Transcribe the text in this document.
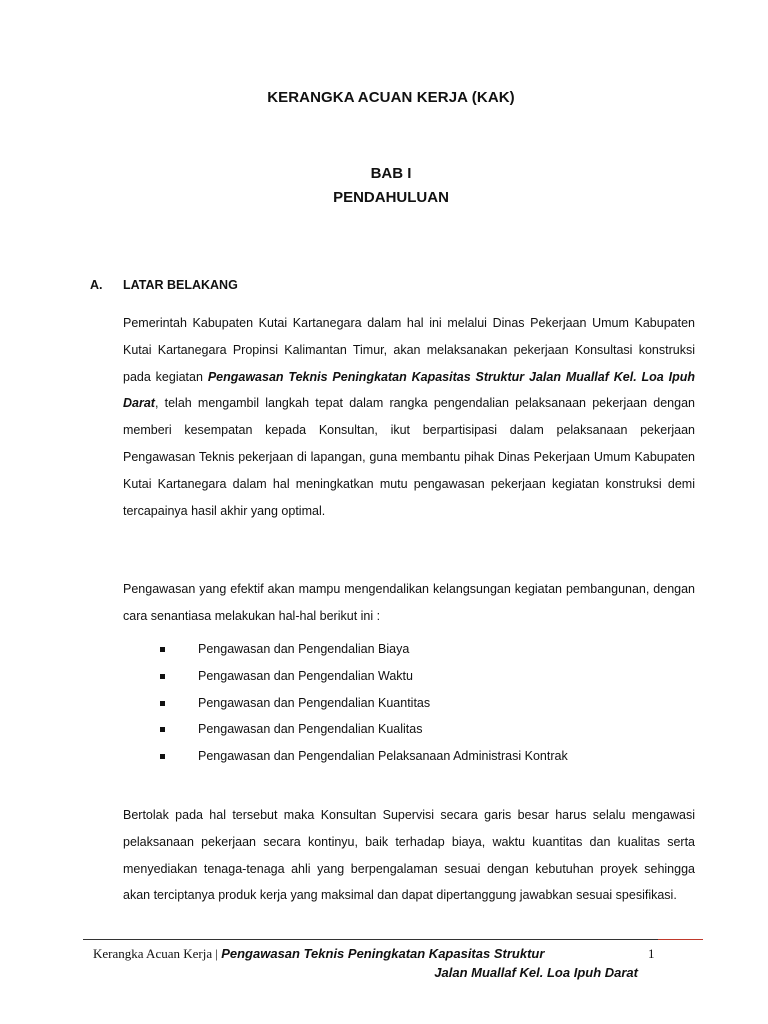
KERANGKA ACUAN KERJA (KAK)
BAB I
PENDAHULUAN
A. LATAR BELAKANG
Pemerintah Kabupaten Kutai Kartanegara dalam hal ini melalui Dinas Pekerjaan Umum Kabupaten Kutai Kartanegara Propinsi Kalimantan Timur, akan melaksanakan pekerjaan Konsultasi konstruksi pada kegiatan Pengawasan Teknis Peningkatan Kapasitas Struktur Jalan Muallaf Kel. Loa Ipuh Darat, telah mengambil langkah tepat dalam rangka pengendalian pelaksanaan pekerjaan dengan memberi kesempatan kepada Konsultan, ikut berpartisipasi dalam pelaksanaan pekerjaan Pengawasan Teknis pekerjaan di lapangan, guna membantu pihak Dinas Pekerjaan Umum Kabupaten Kutai Kartanegara dalam hal meningkatkan mutu pengawasan pekerjaan kegiatan konstruksi demi tercapainya hasil akhir yang optimal.
Pengawasan yang efektif akan mampu mengendalikan kelangsungan kegiatan pembangunan, dengan cara senantiasa melakukan hal-hal berikut ini :
Pengawasan dan Pengendalian Biaya
Pengawasan dan Pengendalian Waktu
Pengawasan dan Pengendalian Kuantitas
Pengawasan dan Pengendalian Kualitas
Pengawasan dan Pengendalian Pelaksanaan Administrasi Kontrak
Bertolak pada hal tersebut maka Konsultan Supervisi secara garis besar harus selalu mengawasi pelaksanaan pekerjaan secara kontinyu, baik terhadap biaya, waktu kuantitas dan kualitas serta menyediakan tenaga-tenaga ahli yang berpengalaman sesuai dengan kebutuhan proyek sehingga akan terciptanya produk kerja yang maksimal dan dapat dipertanggung jawabkan sesuai spesifikasi.
Kerangka Acuan Kerja | Pengawasan Teknis Peningkatan Kapasitas Struktur
Jalan Muallaf Kel. Loa Ipuh Darat
1
